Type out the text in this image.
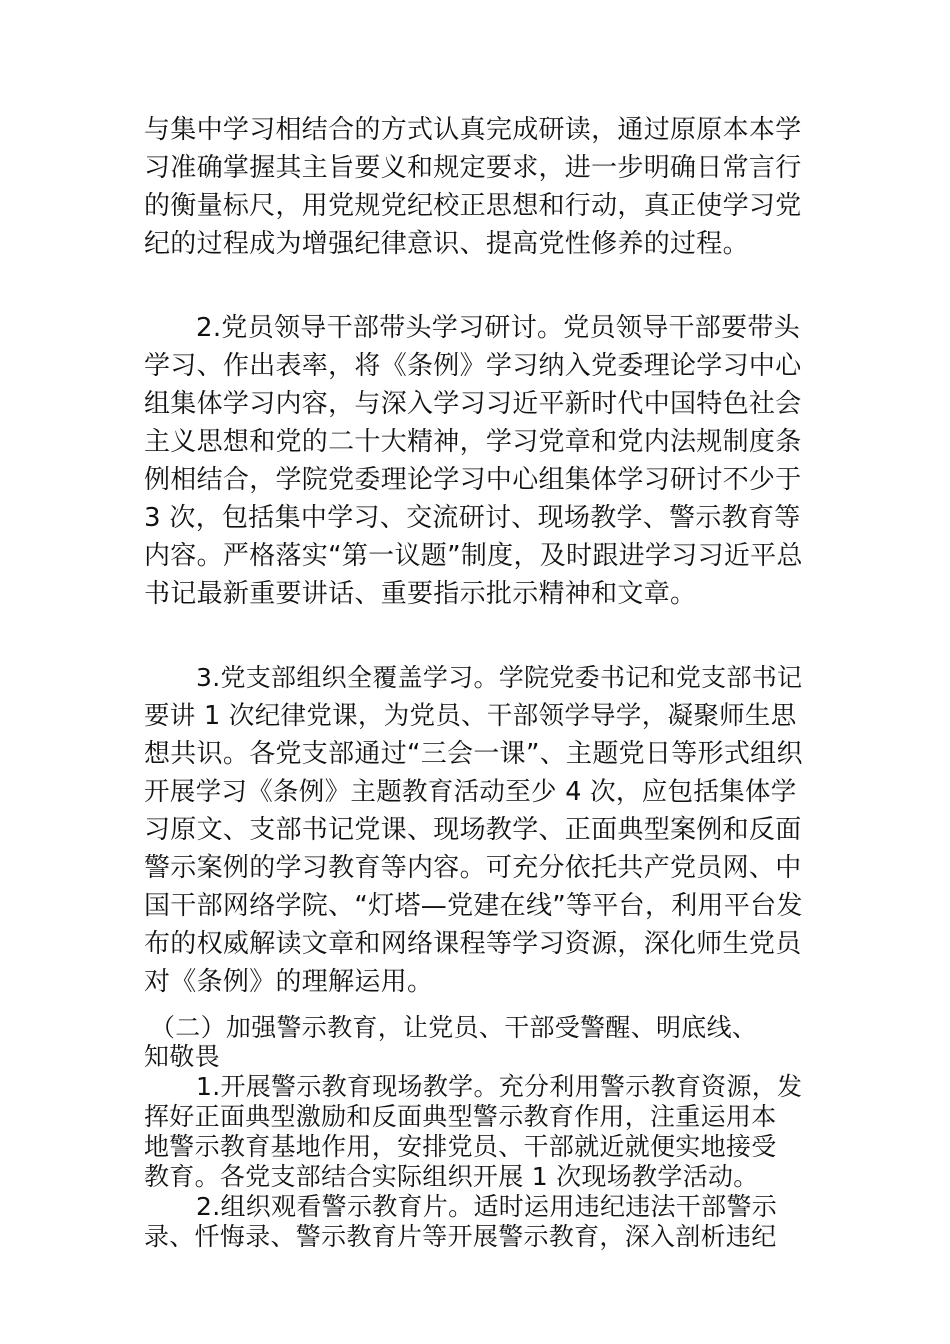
与集中学习相结合的方式认真完成研读，通过原原本本学
习准确掌握其主旨要义和规定要求，进一步明确日常言行
的衡量标尺，用党规党纪校正思想和行动，真正使学习党
纪的过程成为增强纪律意识、提高党性修养的过程。
2.党员领导干部带头学习研讨。党员领导干部要带头
学习、作出表率，将《条例》学习纳入党委理论学习中心
组集体学习内容，与深入学习习近平新时代中国特色社会
主义思想和党的二十大精神，学习党章和党内法规制度条
例相结合，学院党委理论学习中心组集体学习研讨不少于
3 次，包括集中学习、交流研讨、现场教学、警示教育等
内容。严格落实“第一议题”制度，及时跟进学习习近平总
书记最新重要讲话、重要指示批示精神和文章。
3.党支部组织全覆盖学习。学院党委书记和党支部书记
要讲 1 次纪律党课，为党员、干部领学导学，凝聚师生思
想共识。各党支部通过“三会一课”、主题党日等形式组织
开展学习《条例》主题教育活动至少 4 次，应包括集体学
习原文、支部书记党课、现场教学、正面典型案例和反面
警示案例的学习教育等内容。可充分依托共产党员网、中
国干部网络学院、“灯塔—党建在线”等平台，利用平台发
布的权威解读文章和网络课程等学习资源，深化师生党员
对《条例》的理解运用。
（二）加强警示教育，让党员、干部受警醒、明底线、
知敬畏
1.开展警示教育现场教学。充分利用警示教育资源，发
挥好正面典型激励和反面典型警示教育作用，注重运用本
地警示教育基地作用，安排党员、干部就近就便实地接受
教育。各党支部结合实际组织开展 1 次现场教学活动。
2.组织观看警示教育片。适时运用违纪违法干部警示
录、忏悔录、警示教育片等开展警示教育，深入剖析违纪
